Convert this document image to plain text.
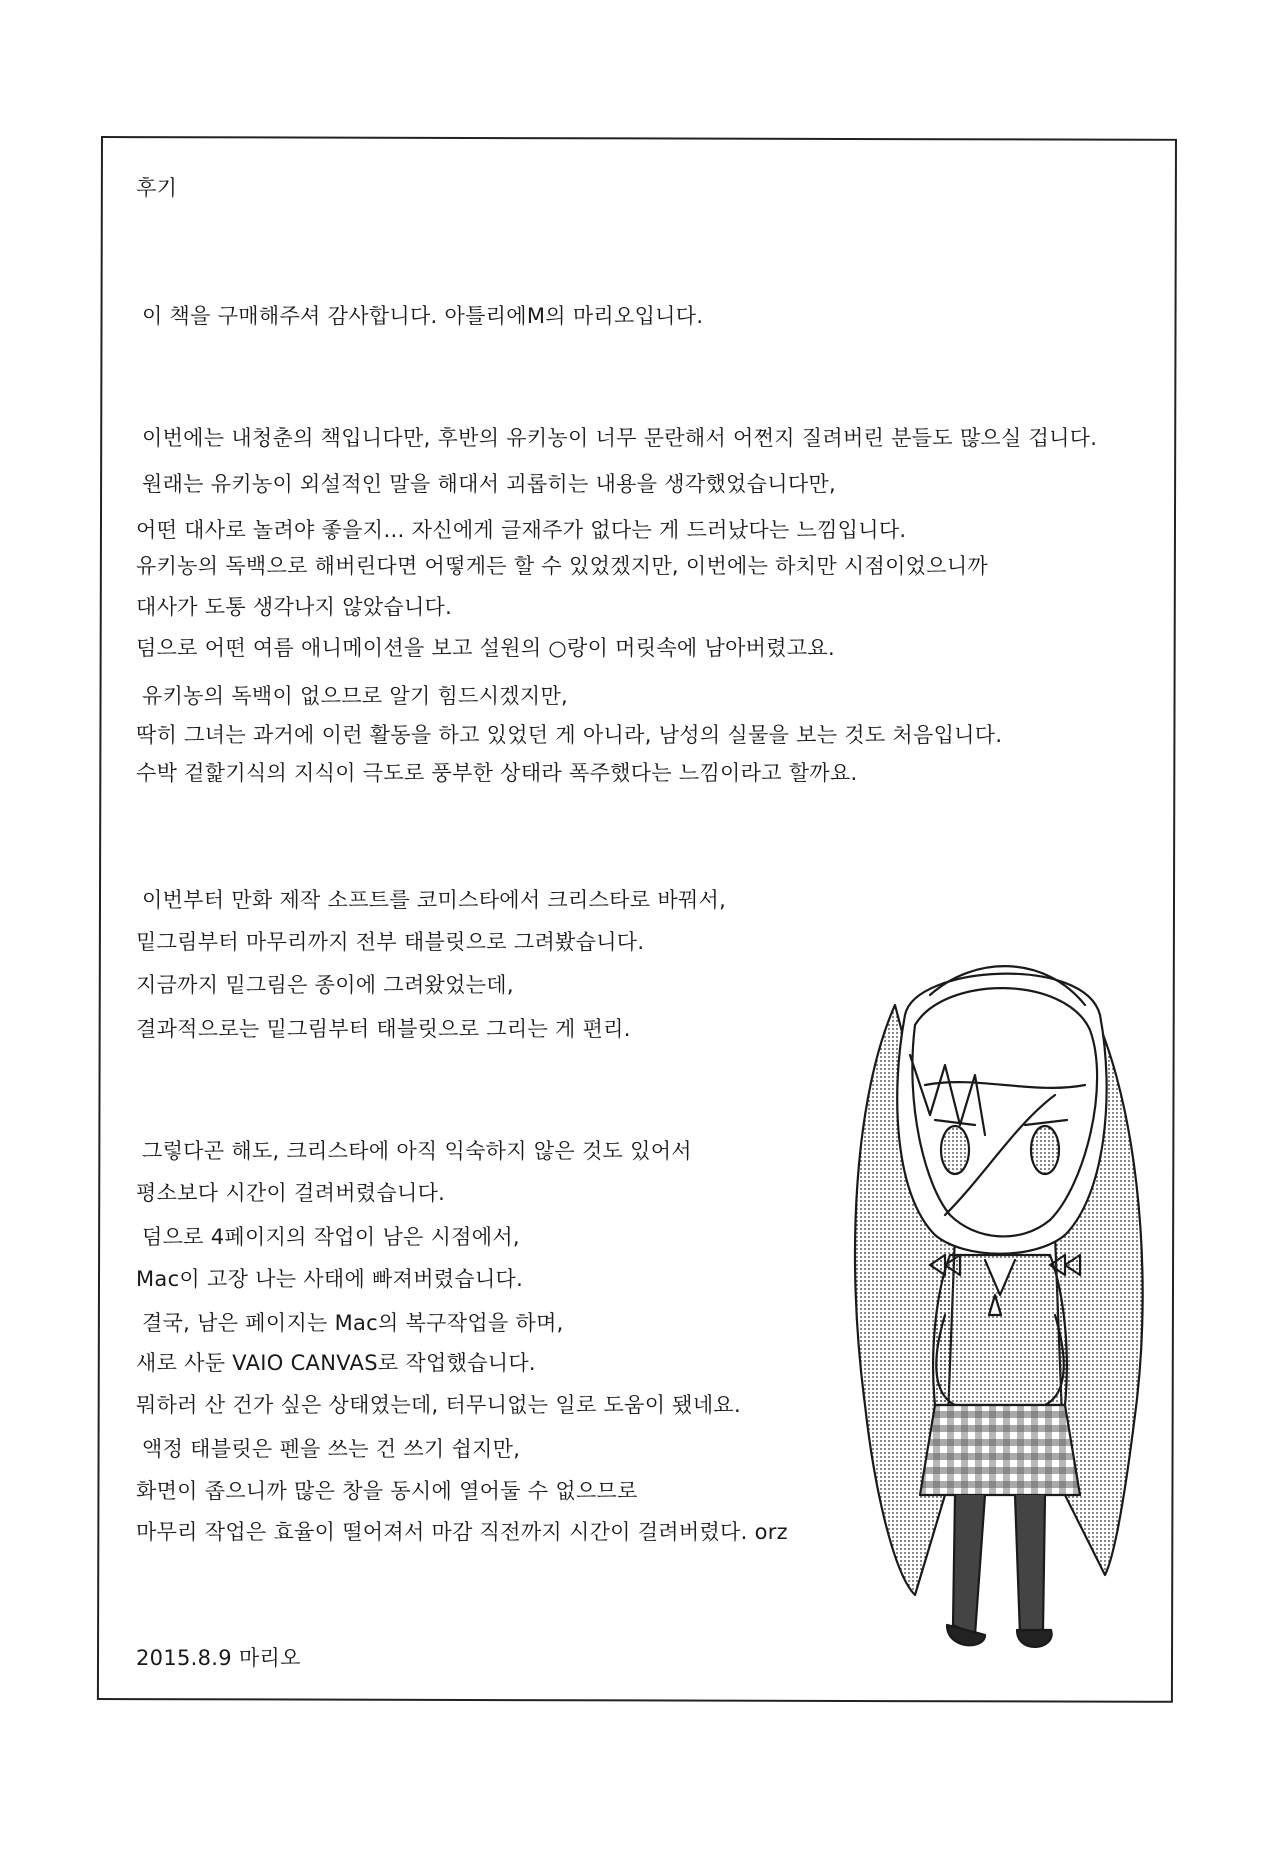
후기
이 책을 구매해주셔 감사합니다. 아틀리에M의 마리오입니다.
이번에는 내청춘의 책입니다만, 후반의 유키농이 너무 문란해서 어쩐지 질려버린 분들도 많으실 겁니다.
원래는 유키농이 외설적인 말을 해대서 괴롭히는 내용을 생각했었습니다만,
어떤 대사로 놀려야 좋을지… 자신에게 글재주가 없다는 게 드러났다는 느낌입니다.
유키농의 독백으로 해버린다면 어떻게든 할 수 있었겠지만, 이번에는 하치만 시점이었으니까
대사가 도통 생각나지 않았습니다.
덤으로 어떤 여름 애니메이션을 보고 설원의 ○랑이 머릿속에 남아버렸고요.
유키농의 독백이 없으므로 알기 힘드시겠지만,
딱히 그녀는 과거에 이런 활동을 하고 있었던 게 아니라, 남성의 실물을 보는 것도 처음입니다.
수박 겉핥기식의 지식이 극도로 풍부한 상태라 폭주했다는 느낌이라고 할까요.
이번부터 만화 제작 소프트를 코미스타에서 크리스타로 바꿔서,
밑그림부터 마무리까지 전부 태블릿으로 그려봤습니다.
지금까지 밑그림은 종이에 그려왔었는데,
결과적으로는 밑그림부터 태블릿으로 그리는 게 편리.
그렇다곤 해도, 크리스타에 아직 익숙하지 않은 것도 있어서
평소보다 시간이 걸려버렸습니다.
덤으로 4페이지의 작업이 남은 시점에서,
Mac이 고장 나는 사태에 빠져버렸습니다.
결국, 남은 페이지는 Mac의 복구작업을 하며,
새로 사둔 VAIO CANVAS로 작업했습니다.
뭐하러 산 건가 싶은 상태였는데, 터무니없는 일로 도움이 됐네요.
액정 태블릿은 펜을 쓰는 건 쓰기 쉽지만,
화면이 좁으니까 많은 창을 동시에 열어둘 수 없으므로
마무리 작업은 효율이 떨어져서 마감 직전까지 시간이 걸려버렸다. orz
2015.8.9 마리오
